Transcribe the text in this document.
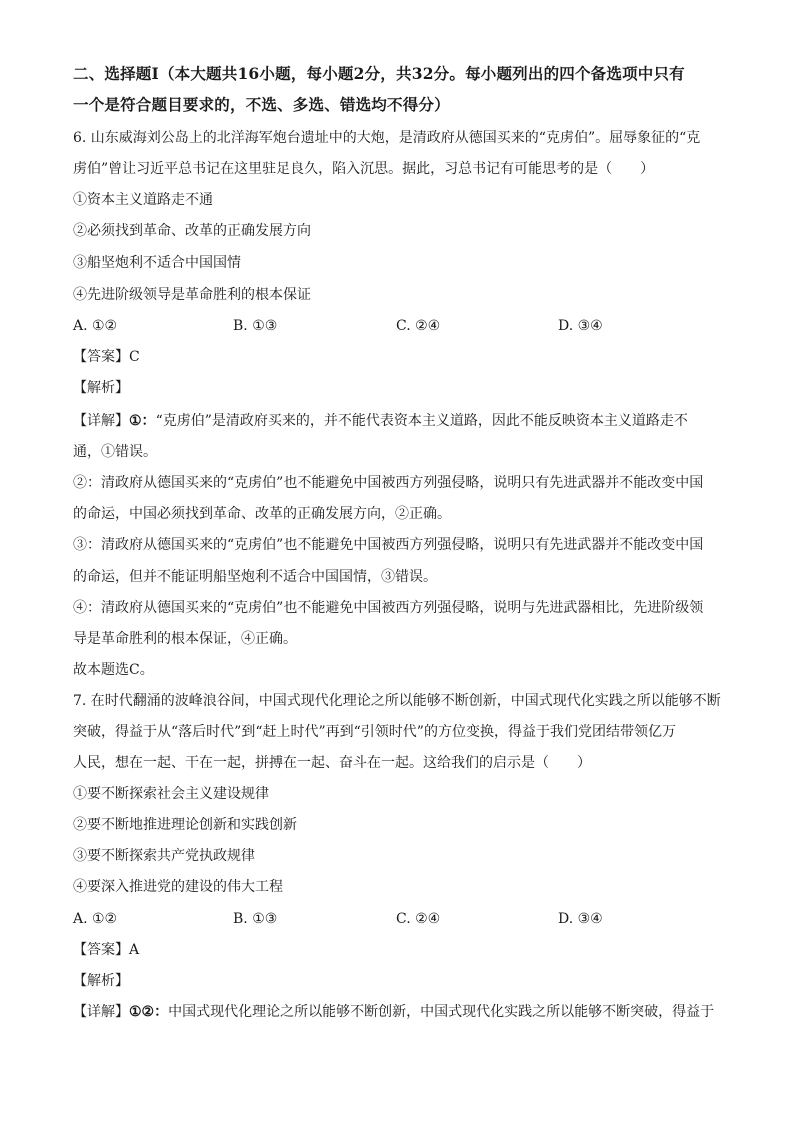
二、选择题Ⅰ（本大题共16小题，每小题2分，共32分。每小题列出的四个备选项中只有
一个是符合题目要求的，不选、多选、错选均不得分）
6. 山东威海刘公岛上的北洋海军炮台遗址中的大炮，是清政府从德国买来的“克虏伯”。屈辱象征的“克
虏伯”曾让习近平总书记在这里驻足良久，陷入沉思。据此，习总书记有可能思考的是（　　）
①资本主义道路走不通
②必须找到革命、改革的正确发展方向
③船坚炮利不适合中国国情
④先进阶级领导是革命胜利的根本保证
A. ①②	B. ①③	C. ②④	D. ③④
【答案】C
【解析】
【详解】①：“克虏伯”是清政府买来的，并不能代表资本主义道路，因此不能反映资本主义道路走不
通，①错误。
②：清政府从德国买来的“克虏伯”也不能避免中国被西方列强侵略，说明只有先进武器并不能改变中国
的命运，中国必须找到革命、改革的正确发展方向，②正确。
③：清政府从德国买来的“克虏伯”也不能避免中国被西方列强侵略，说明只有先进武器并不能改变中国
的命运，但并不能证明船坚炮利不适合中国国情，③错误。
④：清政府从德国买来的“克虏伯”也不能避免中国被西方列强侵略，说明与先进武器相比，先进阶级领
导是革命胜利的根本保证，④正确。
故本题选C。
7. 在时代翻涌的波峰浪谷间，中国式现代化理论之所以能够不断创新，中国式现代化实践之所以能够不断
突破，得益于从“落后时代”到“赶上时代”再到“引领时代”的方位变换，得益于我们党团结带领亿万
人民，想在一起、干在一起，拼搏在一起、奋斗在一起。这给我们的启示是（　　）
①要不断探索社会主义建设规律
②要不断地推进理论创新和实践创新
③要不断探索共产党执政规律
④要深入推进党的建设的伟大工程
A. ①②	B. ①③	C. ②④	D. ③④
【答案】A
【解析】
【详解】①②：中国式现代化理论之所以能够不断创新，中国式现代化实践之所以能够不断突破，得益于
